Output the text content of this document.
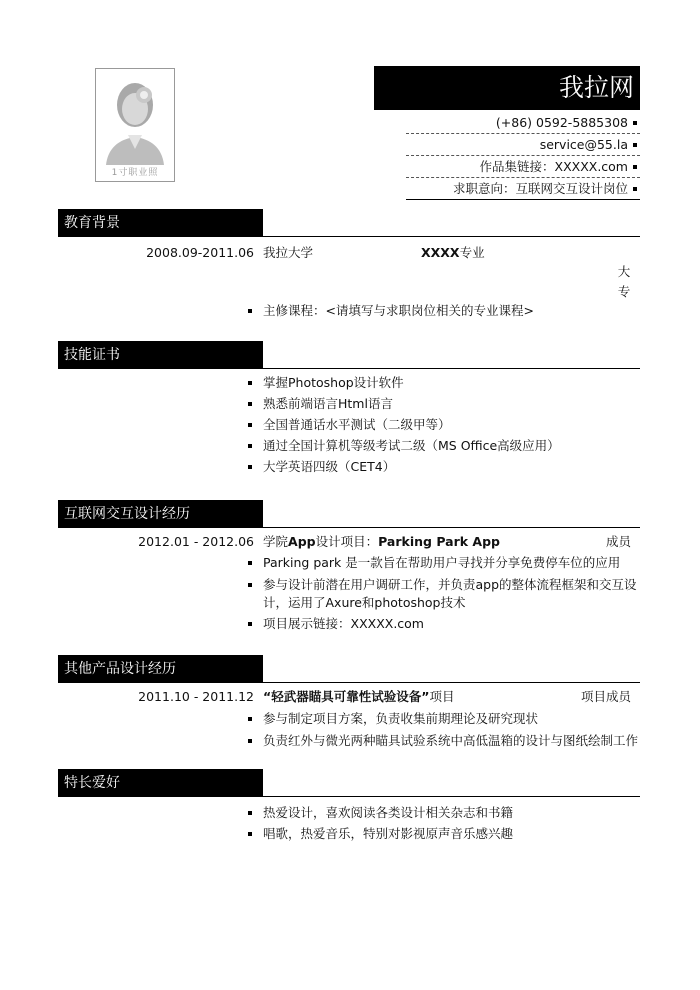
1寸职业照
我拉网
(+86) 0592-5885308
service@55.la
作品集链接：XXXXX.com
求职意向：互联网交互设计岗位
教育背景
2008.09-2011.06 我拉大学	XXXX专业
大
专
主修课程：<请填写与求职岗位相关的专业课程>
技能证书
掌握Photoshop设计软件
熟悉前端语言Html语言
全国普通话水平测试（二级甲等）
通过全国计算机等级考试二级（MS Office高级应用）
大学英语四级（CET4）
互联网交互设计经历
2012.01 - 2012.06 学院App设计项目：Parking Park App	成员
Parking park 是一款旨在帮助用户寻找并分享免费停车位的应用
参与设计前潜在用户调研工作，并负责app的整体流程框架和交互设
计，运用了Axure和photoshop技术
项目展示链接：XXXXX.com
其他产品设计经历
2011.10 - 2011.12 “轻武器瞄具可靠性试验设备”项目	项目成员
参与制定项目方案，负责收集前期理论及研究现状
负责红外与微光两种瞄具试验系统中高低温箱的设计与图纸绘制工作
特长爱好
热爱设计，喜欢阅读各类设计相关杂志和书籍
唱歌，热爱音乐，特别对影视原声音乐感兴趣
